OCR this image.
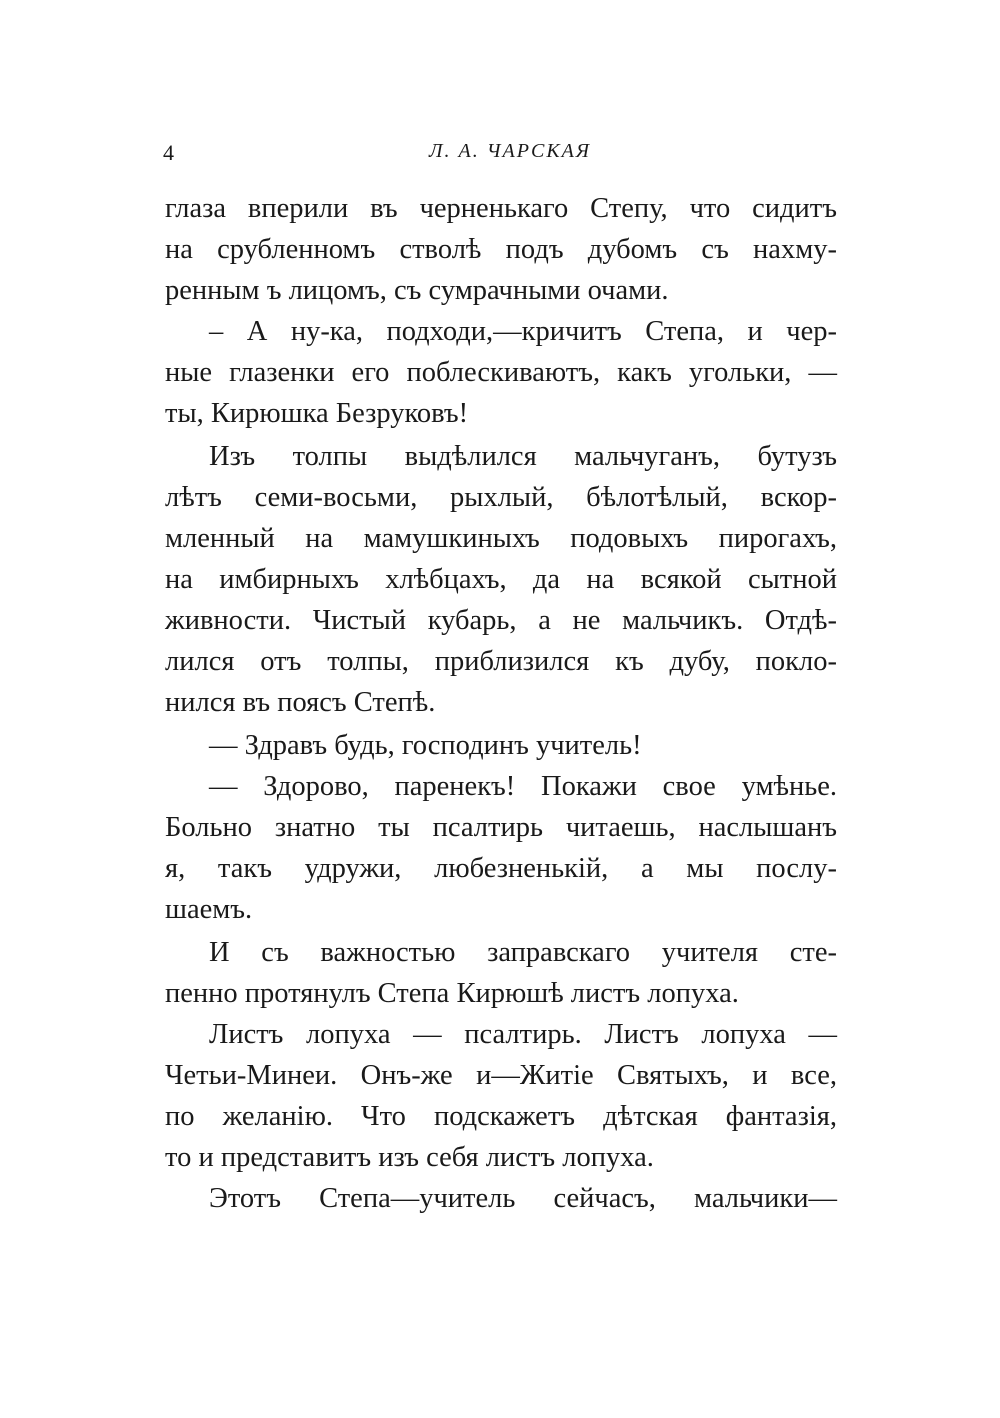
4	Л. А. ЧАРСКАЯ
глаза вперили въ черненькаго Степу, что сидитъ
на срубленномъ стволѣ подъ дубомъ съ нахму-
ренным ъ лицомъ, съ сумрачными очами.
– А ну-ка, подходи,—кричитъ Степа, и чер-
ные глазенки его поблескиваютъ, какъ угольки, —
ты, Кирюшка Безруковъ!
Изъ толпы выдѣлился мальчуганъ, бутузъ
лѣтъ семи-восьми, рыхлый, бѣлотѣлый, вскор-
мленный на мамушкиныхъ подовыхъ пирогахъ,
на имбирныхъ хлѣбцахъ, да на всякой сытной
живности. Чистый кубарь, а не мальчикъ. Отдѣ-
лился отъ толпы, приблизился къ дубу, покло-
нился въ поясъ Степѣ.
— Здравъ будь, господинъ учитель!
— Здорово, паренекъ! Покажи свое умѣнье.
Больно знатно ты псалтирь читаешь, наслышанъ
я, такъ удружи, любезненькій, а мы послу-
шаемъ.
И съ важностью заправскаго учителя сте-
пенно протянулъ Степа Кирюшѣ листъ лопуха.
Листъ лопуха — псалтирь. Листъ лопуха —
Четьи-Минеи. Онъ-же и—Житіе Святыхъ, и все,
по желанію. Что подскажетъ дѣтская фантазія,
то и представитъ изъ себя листъ лопуха.
Этотъ Степа—учитель сейчасъ, мальчики—
